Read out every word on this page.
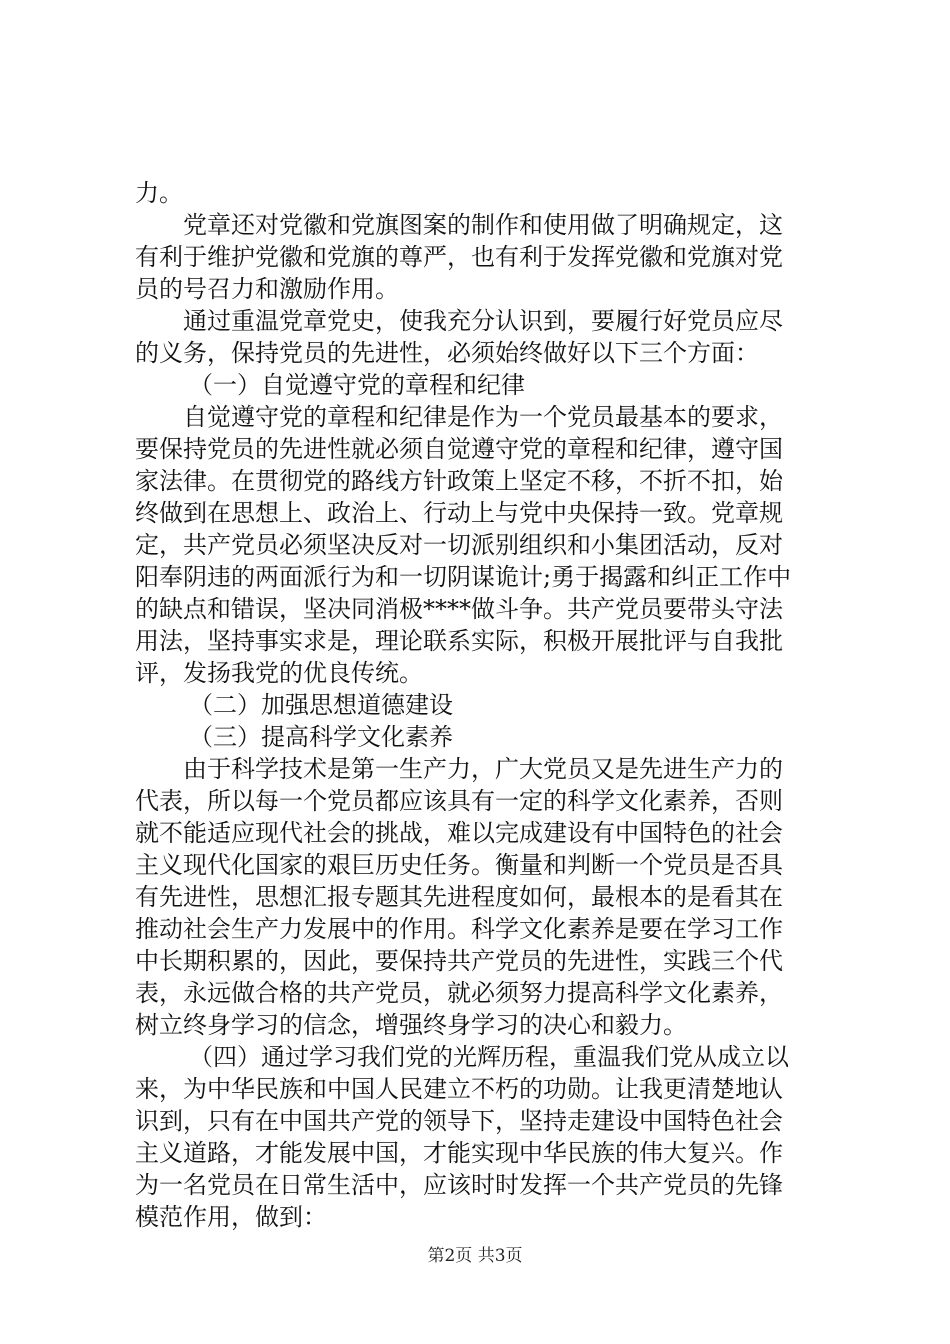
力。
党章还对党徽和党旗图案的制作和使用做了明确规定，这
有利于维护党徽和党旗的尊严，也有利于发挥党徽和党旗对党
员的号召力和激励作用。
通过重温党章党史，使我充分认识到，要履行好党员应尽
的义务，保持党员的先进性，必须始终做好以下三个方面：
（一）自觉遵守党的章程和纪律
自觉遵守党的章程和纪律是作为一个党员最基本的要求，
要保持党员的先进性就必须自觉遵守党的章程和纪律，遵守国
家法律。在贯彻党的路线方针政策上坚定不移，不折不扣，始
终做到在思想上、政治上、行动上与党中央保持一致。党章规
定，共产党员必须坚决反对一切派别组织和小集团活动，反对
阳奉阴违的两面派行为和一切阴谋诡计;勇于揭露和纠正工作中
的缺点和错误，坚决同消极****做斗争。共产党员要带头守法
用法，坚持事实求是，理论联系实际，积极开展批评与自我批
评，发扬我党的优良传统。
（二）加强思想道德建设
（三）提高科学文化素养
由于科学技术是第一生产力，广大党员又是先进生产力的
代表，所以每一个党员都应该具有一定的科学文化素养，否则
就不能适应现代社会的挑战，难以完成建设有中国特色的社会
主义现代化国家的艰巨历史任务。衡量和判断一个党员是否具
有先进性，思想汇报专题其先进程度如何，最根本的是看其在
推动社会生产力发展中的作用。科学文化素养是要在学习工作
中长期积累的，因此，要保持共产党员的先进性，实践三个代
表，永远做合格的共产党员，就必须努力提高科学文化素养，
树立终身学习的信念，增强终身学习的决心和毅力。
（四）通过学习我们党的光辉历程，重温我们党从成立以
来，为中华民族和中国人民建立不朽的功勋。让我更清楚地认
识到，只有在中国共产党的领导下，坚持走建设中国特色社会
主义道路，才能发展中国，才能实现中华民族的伟大复兴。作
为一名党员在日常生活中，应该时时发挥一个共产党员的先锋
模范作用，做到：
第2页 共3页
